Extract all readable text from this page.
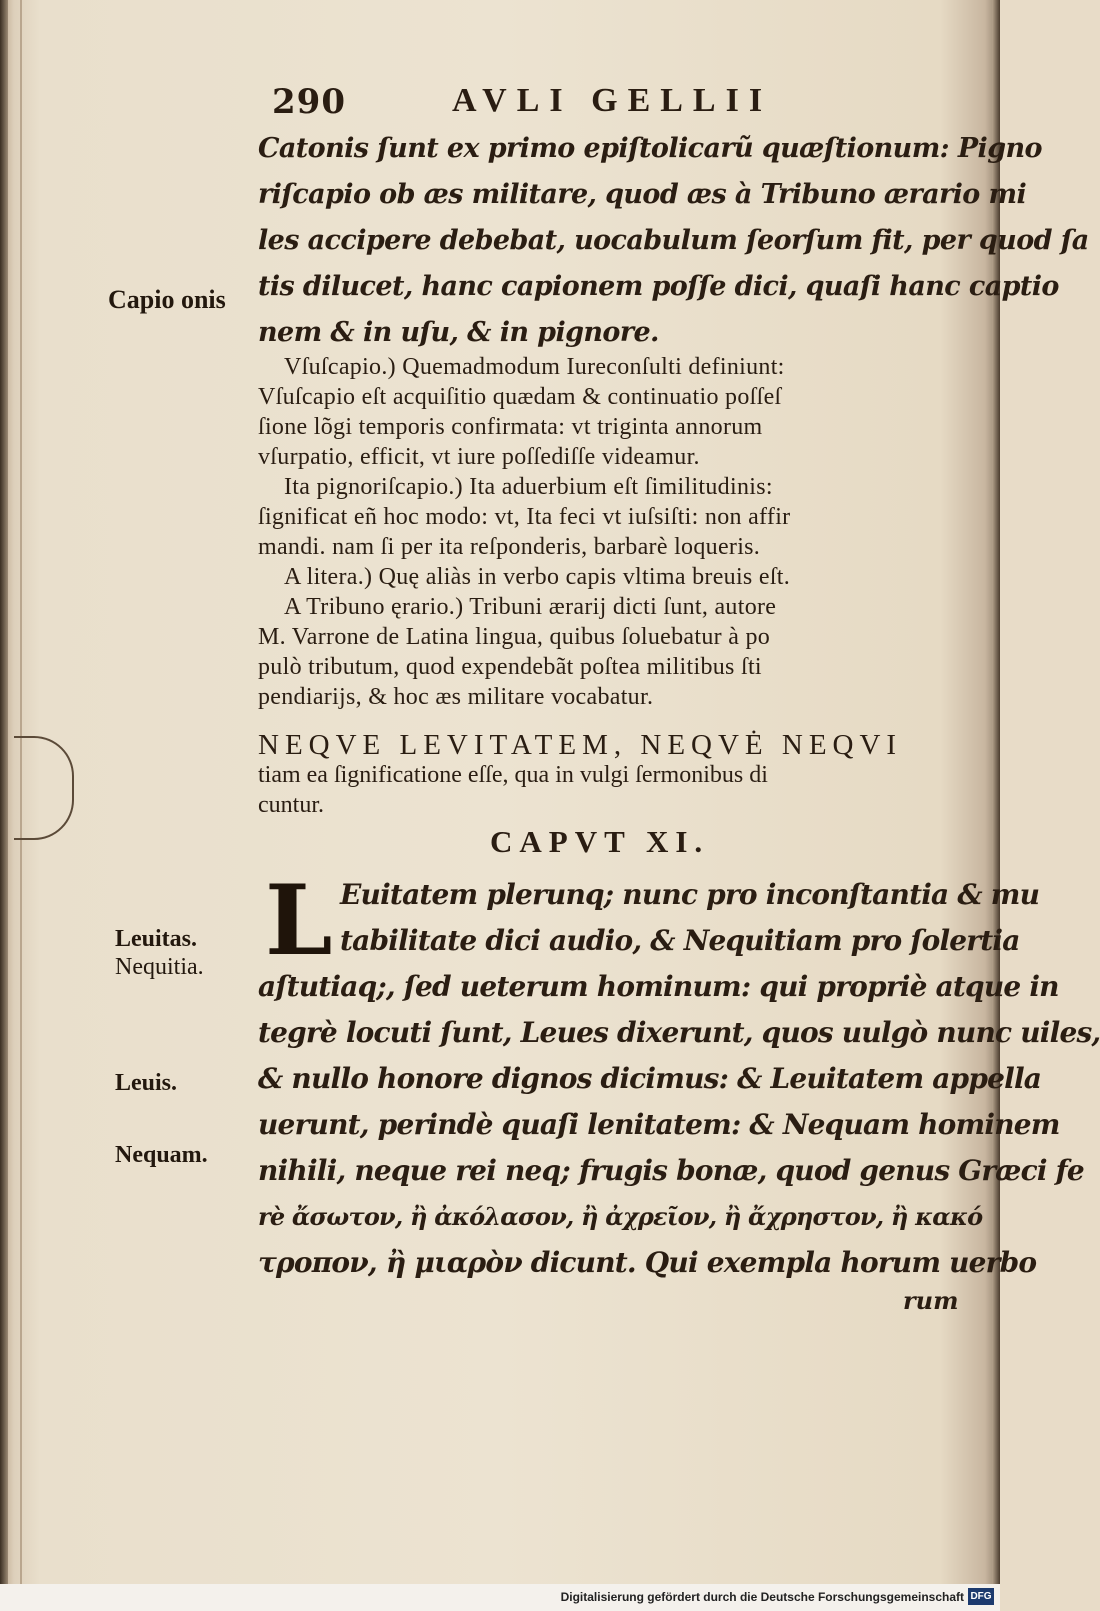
290	AVLI GELLII
Catonis ſunt ex primo epiſtolicarũ quæſtionum: Pigno
riſcapio ob æs militare, quod æs à Tribuno ærario mi
les accipere debebat, uocabulum ſeorſum fit, per quod ſa
tis dilucet, hanc capionem poſſe dici, quaſi hanc captio
nem & in uſu, & in pignore.
Vſuſcapio.) Quemadmodum Iureconſulti definiunt:
Vſuſcapio eſt acquiſitio quædam & continuatio poſſeſ
ſione lõgi temporis confirmata: vt triginta annorum
vſurpatio, efficit, vt iure poſſediſſe videamur.
Ita pignoriſcapio.) Ita aduerbium eſt ſimilitudinis:
ſignificat eñ hoc modo: vt, Ita feci vt iuſsiſti: non affir
mandi. nam ſi per ita reſponderis, barbarè loqueris.
A litera.) Quę aliàs in verbo capis vltima breuis eſt.
A Tribuno ęrario.) Tribuni ærarij dicti ſunt, autore
M. Varrone de Latina lingua, quibus ſoluebatur à po
pulò tributum, quod expendebãt poſtea militibus ſti
pendiarijs, & hoc æs militare vocabatur.
NEQVE LEVITATEM, NEQVĖ NEQVI
tiam ea ſignificatione eſſe, qua in vulgi ſermonibus di
cuntur.
CAPVT XI.
L Euitatem plerunq; nunc pro inconſtantia & mu
tabilitate dici audio, & Nequitiam pro ſolertia
aſtutiaq;, ſed ueterum hominum: qui propriè atque in
tegrè locuti ſunt, Leues dixerunt, quos uulgò nunc uiles,
& nullo honore dignos dicimus: & Leuitatem appella
uerunt, perindè quaſi lenitatem: & Nequam hominem
nihili, neque rei neq; frugis bonæ, quod genus Græci fe
rè ἄσωτον, ἢ ἀκόλασον, ἢ ἀχρεῖον, ἢ ἄχρηστον, ἢ κακό
τροπον, ἢ μιαρὸν dicunt. Qui exempla horum uerbo
rum
Capio onis
Leuitas.
Nequitia.
Leuis.
Nequam.
Digitalisierung gefördert durch die Deutsche Forschungsgemeinschaft DFG
